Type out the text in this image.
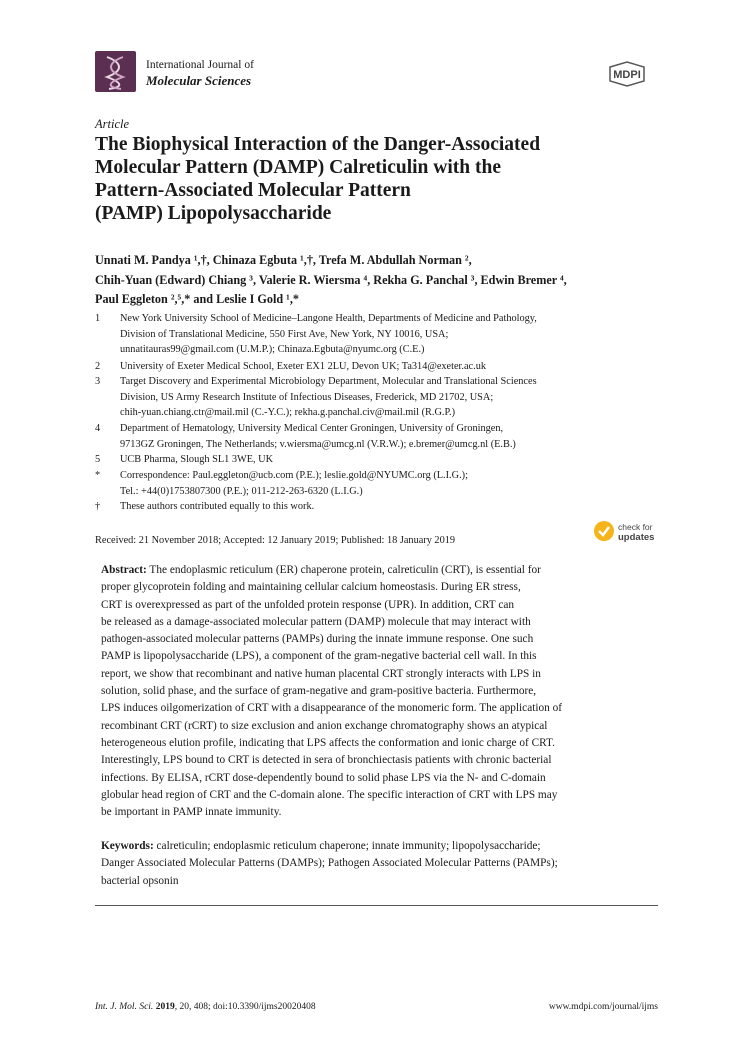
International Journal of
Molecular Sciences	MDPI
Article
The Biophysical Interaction of the Danger-Associated
Molecular Pattern (DAMP) Calreticulin with the
Pattern-Associated Molecular Pattern
(PAMP) Lipopolysaccharide
Unnati M. Pandya ¹,†, Chinaza Egbuta ¹,†, Trefa M. Abdullah Norman ²,
Chih-Yuan (Edward) Chiang ³, Valerie R. Wiersma ⁴, Rekha G. Panchal ³, Edwin Bremer ⁴,
Paul Eggleton ²,⁵,* and Leslie I Gold ¹,*
1	New York University School of Medicine–Langone Health, Departments of Medicine and Pathology,
Division of Translational Medicine, 550 First Ave, New York, NY 10016, USA;
unnatitauras99@gmail.com (U.M.P.); Chinaza.Egbuta@nyumc.org (C.E.)
2	University of Exeter Medical School, Exeter EX1 2LU, Devon UK; Ta314@exeter.ac.uk
3	Target Discovery and Experimental Microbiology Department, Molecular and Translational Sciences
Division, US Army Research Institute of Infectious Diseases, Frederick, MD 21702, USA;
chih-yuan.chiang.ctr@mail.mil (C.-Y.C.); rekha.g.panchal.civ@mail.mil (R.G.P.)
4	Department of Hematology, University Medical Center Groningen, University of Groningen,
9713GZ Groningen, The Netherlands; v.wiersma@umcg.nl (V.R.W.); e.bremer@umcg.nl (E.B.)
5	UCB Pharma, Slough SL1 3WE, UK
*	Correspondence: Paul.eggleton@ucb.com (P.E.); leslie.gold@NYUMC.org (L.I.G.);
Tel.: +44(0)1753807300 (P.E.); 011-212-263-6320 (L.I.G.)
†	These authors contributed equally to this work.
Received: 21 November 2018; Accepted: 12 January 2019; Published: 18 January 2019
check for
updates
Abstract: The endoplasmic reticulum (ER) chaperone protein, calreticulin (CRT), is essential for
proper glycoprotein folding and maintaining cellular calcium homeostasis. During ER stress,
CRT is overexpressed as part of the unfolded protein response (UPR). In addition, CRT can
be released as a damage-associated molecular pattern (DAMP) molecule that may interact with
pathogen-associated molecular patterns (PAMPs) during the innate immune response. One such
PAMP is lipopolysaccharide (LPS), a component of the gram-negative bacterial cell wall. In this
report, we show that recombinant and native human placental CRT strongly interacts with LPS in
solution, solid phase, and the surface of gram-negative and gram-positive bacteria. Furthermore,
LPS induces oilgomerization of CRT with a disappearance of the monomeric form. The application of
recombinant CRT (rCRT) to size exclusion and anion exchange chromatography shows an atypical
heterogeneous elution profile, indicating that LPS affects the conformation and ionic charge of CRT.
Interestingly, LPS bound to CRT is detected in sera of bronchiectasis patients with chronic bacterial
infections. By ELISA, rCRT dose-dependently bound to solid phase LPS via the N- and C-domain
globular head region of CRT and the C-domain alone. The specific interaction of CRT with LPS may
be important in PAMP innate immunity.
Keywords: calreticulin; endoplasmic reticulum chaperone; innate immunity; lipopolysaccharide;
Danger Associated Molecular Patterns (DAMPs); Pathogen Associated Molecular Patterns (PAMPs);
bacterial opsonin
Int. J. Mol. Sci. 2019, 20, 408; doi:10.3390/ijms20020408	www.mdpi.com/journal/ijms
